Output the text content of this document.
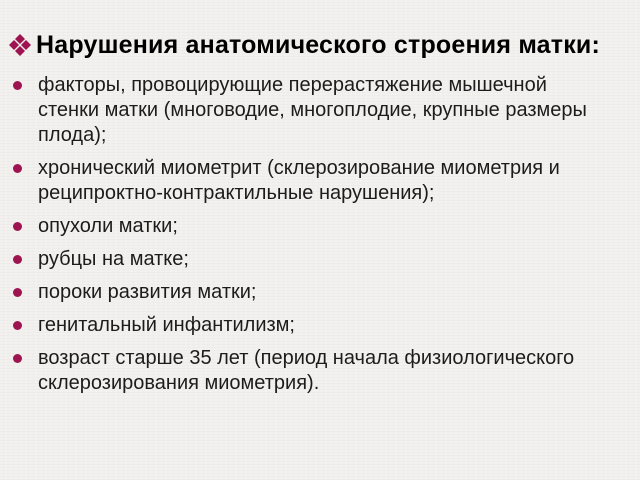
Нарушения анатомического строения матки:
факторы, провоцирующие перерастяжение мышечной
стенки матки (многоводие, многоплодие, крупные размеры
плода);
хронический миометрит (склерозирование миометрия и
реципроктно-контрактильные нарушения);
опухоли матки;
рубцы на матке;
пороки развития матки;
генитальный инфантилизм;
возраст старше 35 лет (период начала физиологического
склерозирования миометрия).
